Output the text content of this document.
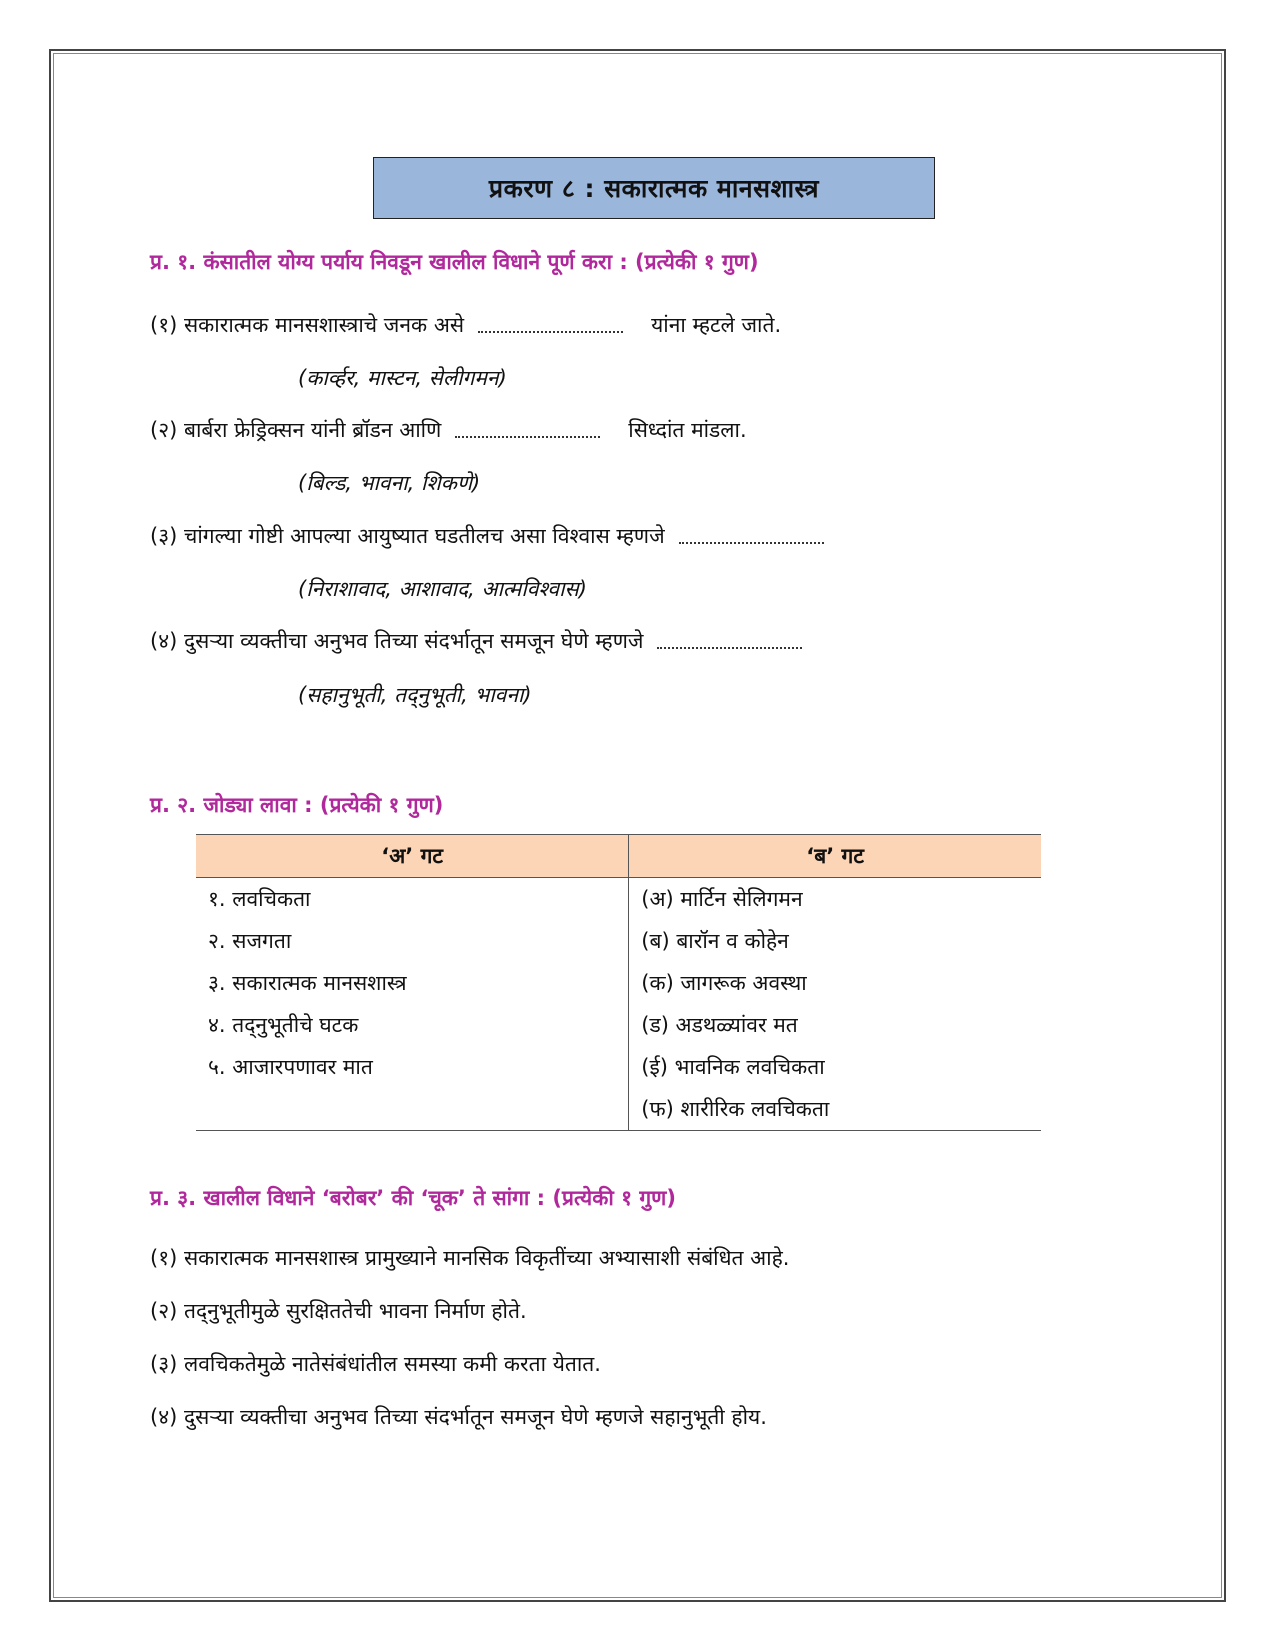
प्रकरण ८ : सकारात्मक मानसशास्त्र
प्र. १. कंसातील योग्य पर्याय निवडून खालील विधाने पूर्ण करा : (प्रत्येकी १ गुण)
(१) सकारात्मक मानसशास्त्राचे जनक असे	यांना म्हटले जाते.
(कार्व्हर, मास्टन, सेलीगमन)
(२) बार्बरा फ्रेड्रिक्सन यांनी ब्रॉडन आणि	सिध्दांत मांडला.
(बिल्ड, भावना, शिकणे)
(३) चांगल्या गोष्टी आपल्या आयुष्यात घडतीलच असा विश्वास म्हणजे
(निराशावाद, आशावाद, आत्मविश्वास)
(४) दुसऱ्या व्यक्तीचा अनुभव तिच्या संदर्भातून समजून घेणे म्हणजे
(सहानुभूती, तद्नुभूती, भावना)
प्र. २. जोड्या लावा : (प्रत्येकी १ गुण)
‘अ’ गट	‘ब’ गट
१. लवचिकता	(अ) मार्टिन सेलिगमन
२. सजगता	(ब) बारॉन व कोहेन
३. सकारात्मक मानसशास्त्र	(क) जागरूक अवस्था
४. तद्नुभूतीचे घटक	(ड) अडथळ्यांवर मत
५. आजारपणावर मात	(ई) भावनिक लवचिकता
	(फ) शारीरिक लवचिकता
प्र. ३. खालील विधाने ‘बरोबर’ की ‘चूक’ ते सांगा : (प्रत्येकी १ गुण)
(१) सकारात्मक मानसशास्त्र प्रामुख्याने मानसिक विकृतींच्या अभ्यासाशी संबंधित आहे.
(२) तद्नुभूतीमुळे सुरक्षिततेची भावना निर्माण होते.
(३) लवचिकतेमुळे नातेसंबंधांतील समस्या कमी करता येतात.
(४) दुसऱ्या व्यक्तीचा अनुभव तिच्या संदर्भातून समजून घेणे म्हणजे सहानुभूती होय.
